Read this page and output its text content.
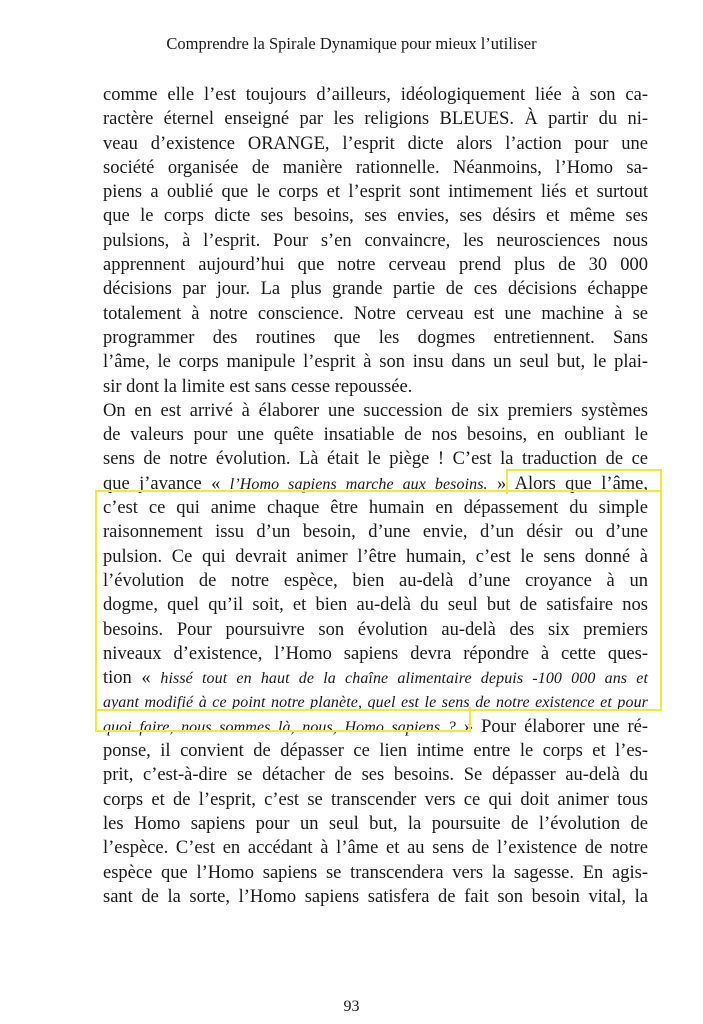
Comprendre la Spirale Dynamique pour mieux l’utiliser
comme elle l’est toujours d’ailleurs, idéologiquement liée à son ca-
ractère éternel enseigné par les religions BLEUES. À partir du ni-
veau d’existence ORANGE, l’esprit dicte alors l’action pour une
société organisée de manière rationnelle. Néanmoins, l’Homo sa-
piens a oublié que le corps et l’esprit sont intimement liés et surtout
que le corps dicte ses besoins, ses envies, ses désirs et même ses
pulsions, à l’esprit. Pour s’en convaincre, les neurosciences nous
apprennent aujourd’hui que notre cerveau prend plus de 30 000
décisions par jour. La plus grande partie de ces décisions échappe
totalement à notre conscience. Notre cerveau est une machine à se
programmer des routines que les dogmes entretiennent. Sans
l’âme, le corps manipule l’esprit à son insu dans un seul but, le plai-
sir dont la limite est sans cesse repoussée.
On en est arrivé à élaborer une succession de six premiers systèmes
de valeurs pour une quête insatiable de nos besoins, en oubliant le
sens de notre évolution. Là était le piège ! C’est la traduction de ce
que j’avance « l’Homo sapiens marche aux besoins. » Alors que l’âme,
c’est ce qui anime chaque être humain en dépassement du simple
raisonnement issu d’un besoin, d’une envie, d’un désir ou d’une
pulsion. Ce qui devrait animer l’être humain, c’est le sens donné à
l’évolution de notre espèce, bien au-delà d’une croyance à un
dogme, quel qu’il soit, et bien au-delà du seul but de satisfaire nos
besoins. Pour poursuivre son évolution au-delà des six premiers
niveaux d’existence, l’Homo sapiens devra répondre à cette ques-
tion « hissé tout en haut de la chaîne alimentaire depuis -100 000 ans et
ayant modifié à ce point notre planète, quel est le sens de notre existence et pour
quoi faire, nous sommes là, nous, Homo sapiens ? » Pour élaborer une ré-
ponse, il convient de dépasser ce lien intime entre le corps et l’es-
prit, c’est-à-dire se détacher de ses besoins. Se dépasser au-delà du
corps et de l’esprit, c’est se transcender vers ce qui doit animer tous
les Homo sapiens pour un seul but, la poursuite de l’évolution de
l’espèce. C’est en accédant à l’âme et au sens de l’existence de notre
espèce que l’Homo sapiens se transcendera vers la sagesse. En agis-
sant de la sorte, l’Homo sapiens satisfera de fait son besoin vital, la
93
